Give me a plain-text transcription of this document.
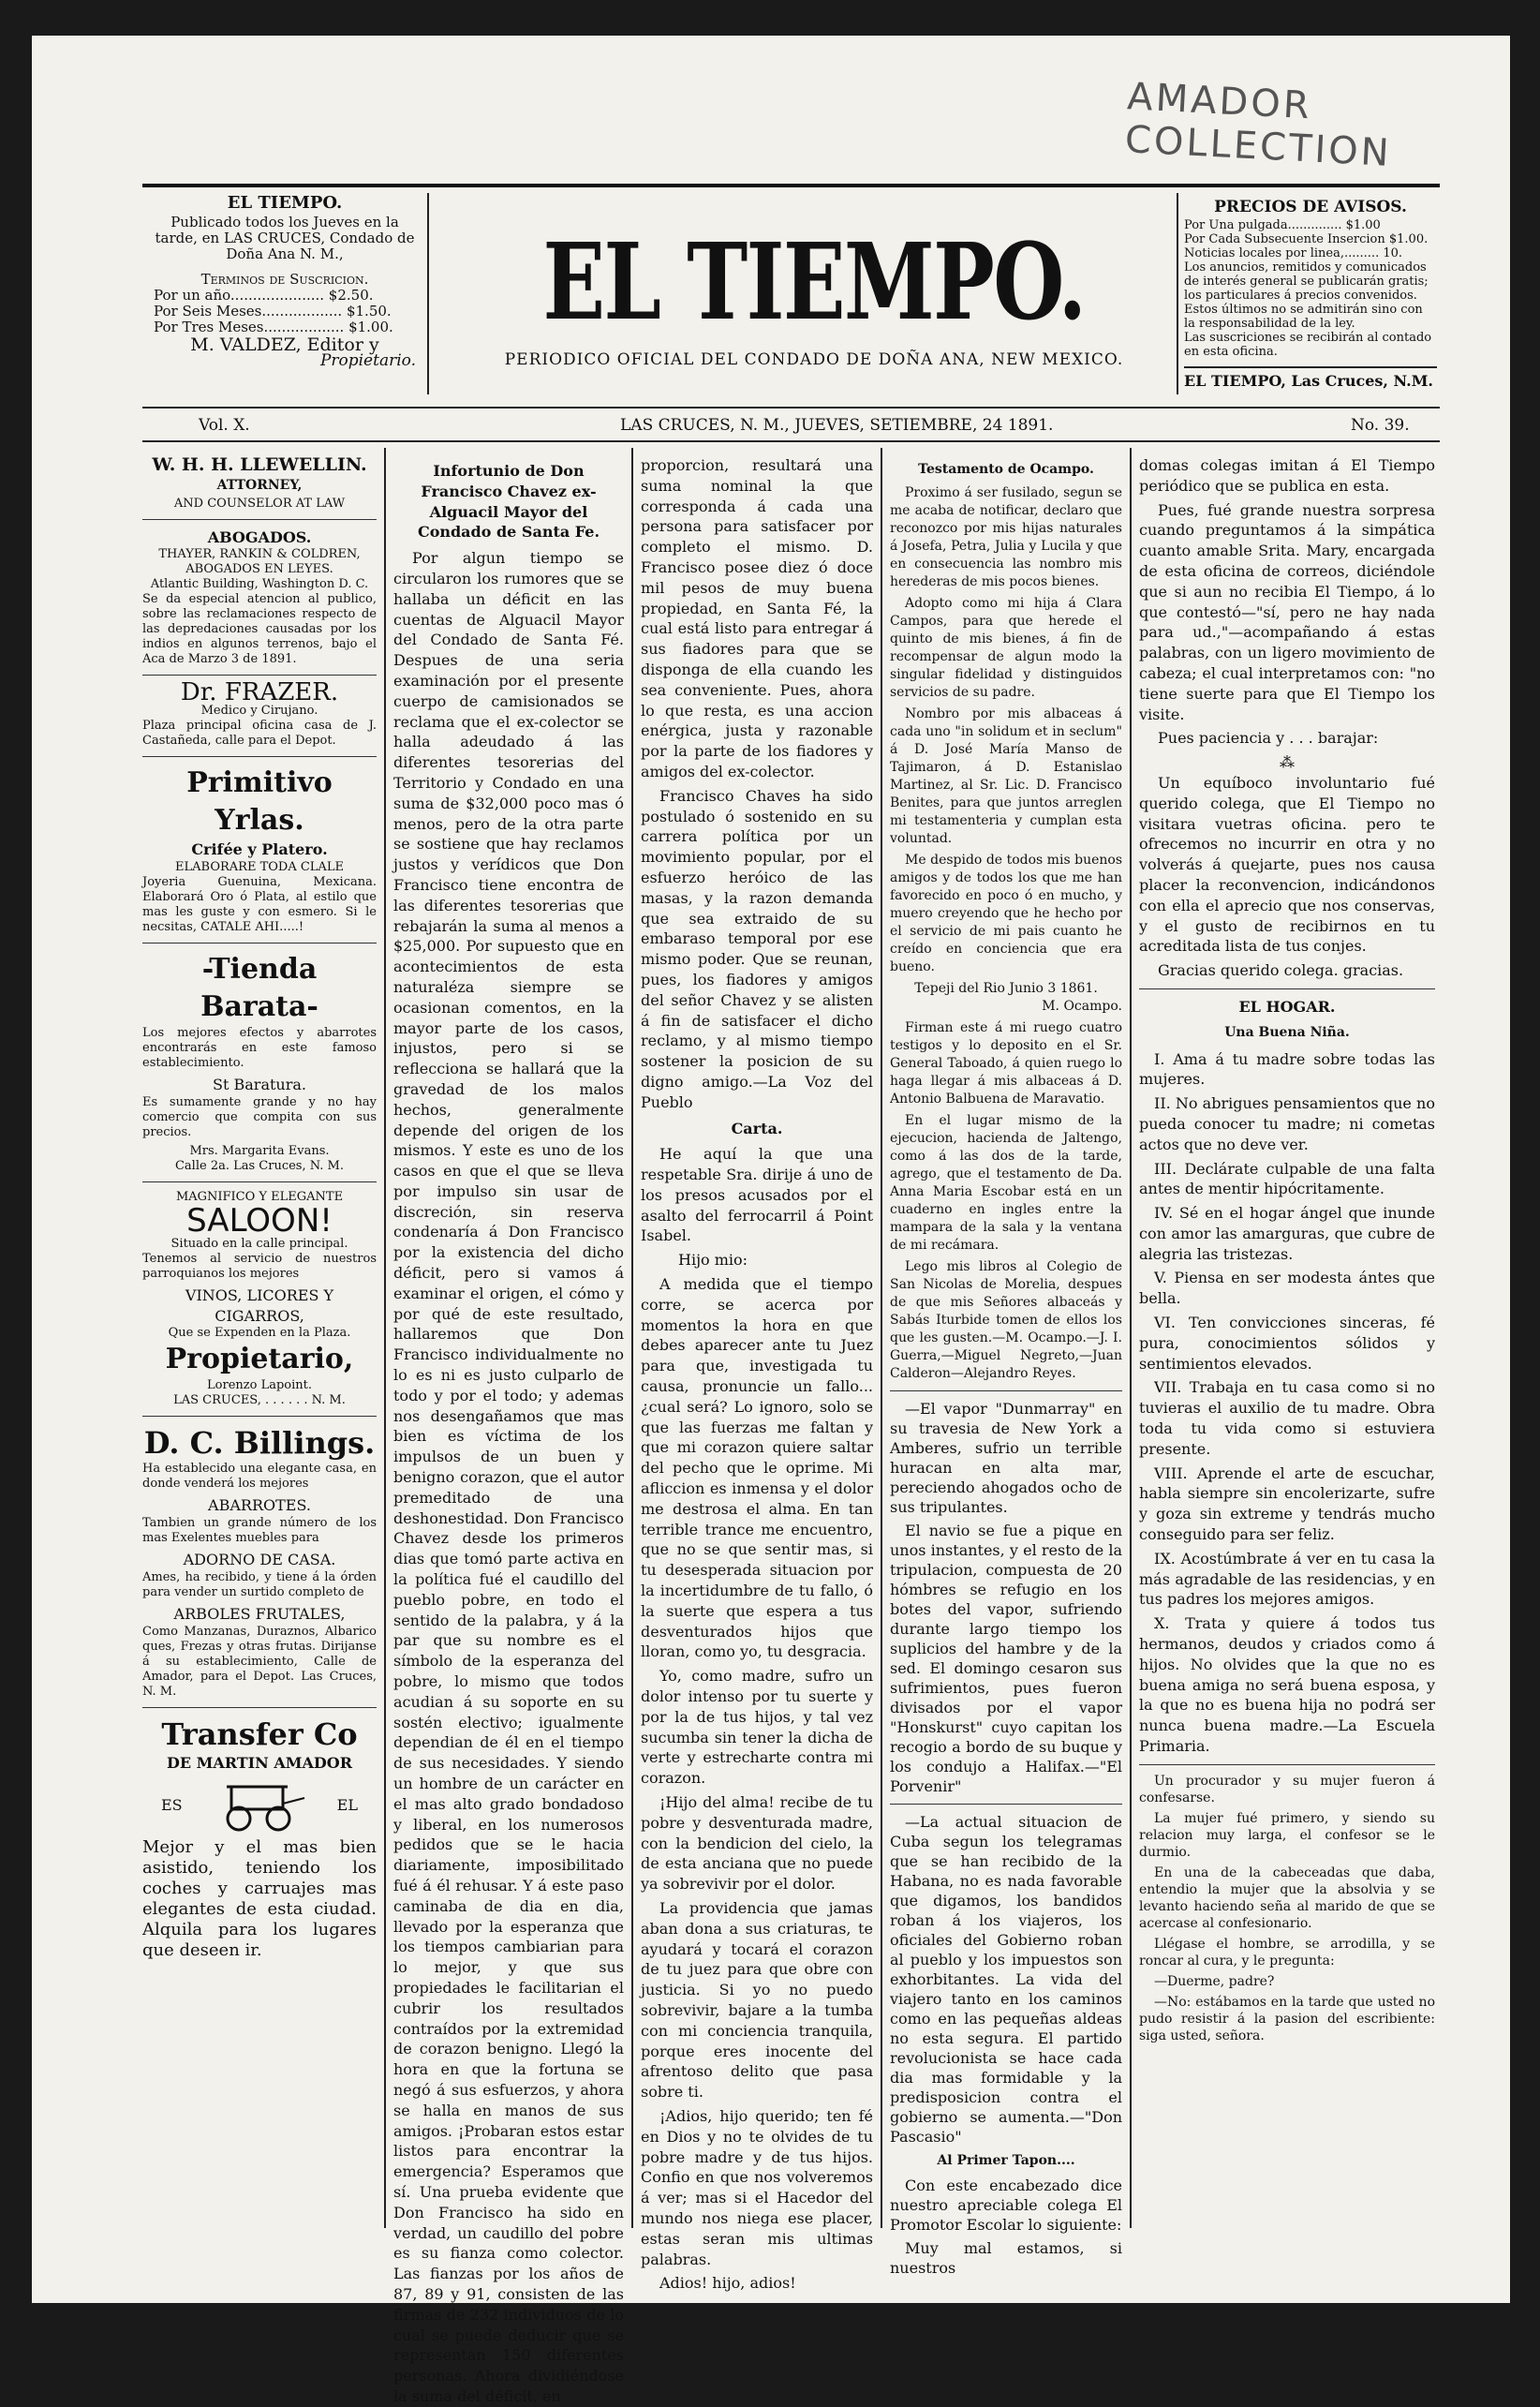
AMADOR COLLECTION
EL TIEMPO.
Publicado todos los Jueves en la tarde, en LAS CRUCES, Condado de Doña Ana N. M.,
Terminos de Suscricion.
Por un año..................... $2.50.
Por Seis Meses.................. $1.50.
Por Tres Meses.................. $1.00.
M. VALDEZ, Editor y
Propietario.
EL TIEMPO.
PERIODICO OFICIAL DEL CONDADO DE DOÑA ANA, NEW MEXICO.
PRECIOS DE AVISOS.
Por Una pulgada.............. $1.00
Por Cada Subsecuente Insercion $1.00.
Noticias locales por linea,......... 10.
Los anuncios, remitidos y comunicados de interés general se publicarán gratis; los particulares á precios convenidos. Estos últimos no se admitirán sino con la responsabilidad de la ley.
Las suscriciones se recibirán al contado en esta oficina.
EL TIEMPO, Las Cruces, N.M.
Vol. X.	LAS CRUCES, N. M., JUEVES, SETIEMBRE, 24 1891.	No. 39.
W. H. H. LLEWELLIN.
ATTORNEY,
AND COUNSELOR AT LAW
ABOGADOS.
THAYER, RANKIN & COLDREN, ABOGADOS EN LEYES.
Atlantic Building, Washington D. C.

Se da especial atencion al publico, sobre las reclamaciones respecto de las depredaciones causadas por los indios en algunos terrenos, bajo el Aca de Marzo 3 de 1891.

Dr. FRAZER.
Medico y Cirujano.

Plaza principal oficina casa de J. Castañeda, calle para el Depot.

Primitivo Yrlas.
Crifée y Platero.
ELABORARE TODA CLALE

Joyeria Guenuina, Mexicana. Elaborará Oro ó Plata, al estilo que mas les guste y con esmero. Si le necsitas, CATALE AHI.....!

-Tienda Barata-

Los mejores efectos y abarrotes encontrarás en este famoso establecimiento.

St Baratura.

Es sumamente grande y no hay comercio que compita con sus precios.

Mrs. Margarita Evans.
Calle 2a. Las Cruces, N. M.
MAGNIFICO Y ELEGANTE
SALOON!
Situado en la calle principal.

Tenemos al servicio de nuestros parroquianos los mejores

VINOS, LICORES Y CIGARROS,
Que se Expenden en la Plaza.
Propietario,
Lorenzo Lapoint.
LAS CRUCES, . . . . . . N. M.
D. C. Billings.

Ha establecido una elegante casa, en donde venderá los mejores

ABARROTES.

Tambien un grande número de los mas Exelentes muebles para

ADORNO DE CASA.

Ames, ha recibido, y tiene á la órden para vender un surtido completo de

ARBOLES FRUTALES,

Como Manzanas, Duraznos, Albarico ques, Frezas y otras frutas. Dirijanse á su establecimiento, Calle de Amador, para el Depot. Las Cruces, N. M.

Transfer Co
DE MARTIN AMADOR
ES	EL

Mejor y el mas bien asistido, teniendo los coches y carruajes mas elegantes de esta ciudad. Alquila para los lugares que deseen ir.

Infortunio de Don Francisco Chavez ex-Alguacil Mayor del Condado de Santa Fe.

Por algun tiempo se circularon los rumores que se hallaba un déficit en las cuentas de Alguacil Mayor del Condado de Santa Fé. Despues de una seria examinación por el presente cuerpo de camisionados se reclama que el ex-colector se halla adeudado á las diferentes tesorerias del Territorio y Condado en una suma de $32,000 poco mas ó menos, pero de la otra parte se sostiene que hay reclamos justos y verídicos que Don Francisco tiene encontra de las diferentes tesorerias que rebajarán la suma al menos a $25,000. Por supuesto que en acontecimientos de esta naturaléza siempre se ocasionan comentos, en la mayor parte de los casos, injustos, pero si se reflecciona se hallará que la gravedad de los malos hechos, generalmente depende del origen de los mismos. Y este es uno de los casos en que el que se lleva por impulso sin usar de discreción, sin reserva condenaría á Don Francisco por la existencia del dicho déficit, pero si vamos á examinar el origen, el cómo y por qué de este resultado, hallaremos que Don Francisco individualmente no lo es ni es justo culparlo de todo y por el todo; y ademas nos desengañamos que mas bien es víctima de los impulsos de un buen y benigno corazon, que el autor premeditado de una deshonestidad. Don Francisco Chavez desde los primeros dias que tomó parte activa en la política fué el caudillo del pueblo pobre, en todo el sentido de la palabra, y á la par que su nombre es el símbolo de la esperanza del pobre, lo mismo que todos acudian á su soporte en su sostén electivo; igualmente dependian de él en el tiempo de sus necesidades. Y siendo un hombre de un carácter en el mas alto grado bondadoso y liberal, en los numerosos pedidos que se le hacia diariamente, imposibilitado fué á él rehusar. Y á este paso caminaba de dia en dia, llevado por la esperanza que los tiempos cambiarian para lo mejor, y que sus propiedades le facilitarian el cubrir los resultados contraídos por la extremidad de corazon benigno. Llegó la hora en que la fortuna se negó á sus esfuerzos, y ahora se halla en manos de sus amigos. ¡Probaran estos estar listos para encontrar la emergencia? Esperamos que sí. Una prueba evidente que Don Francisco ha sido en verdad, un caudillo del pobre es su fianza como colector. Las fianzas por los años de 87, 89 y 91, consisten de las firmas de 232 individuos de lo cual se puede deducir que se representan 150 diferentes personas. Ahora dividiéndose la suma del déficit, en

proporcion, resultará una suma nominal la que corresponda á cada una persona para satisfacer por completo el mismo. D. Francisco posee diez ó doce mil pesos de muy buena propiedad, en Santa Fé, la cual está listo para entregar á sus fiadores para que se disponga de ella cuando les sea conveniente. Pues, ahora lo que resta, es una accion enérgica, justa y razonable por la parte de los fiadores y amigos del ex-colector.

Francisco Chaves ha sido postulado ó sostenido en su carrera política por un movimiento popular, por el esfuerzo heróico de las masas, y la razon demanda que sea extraido de su embaraso temporal por ese mismo poder. Que se reunan, pues, los fiadores y amigos del señor Chavez y se alisten á fin de satisfacer el dicho reclamo, y al mismo tiempo sostener la posicion de su digno amigo.—La Voz del Pueblo

Carta.

He aquí la que una respetable Sra. dirije á uno de los presos acusados por el asalto del ferrocarril á Point Isabel.

Hijo mio:

A medida que el tiempo corre, se acerca por momentos la hora en que debes aparecer ante tu Juez para que, investigada tu causa, pronuncie un fallo...¿cual será? Lo ignoro, solo se que las fuerzas me faltan y que mi corazon quiere saltar del pecho que le oprime. Mi afliccion es inmensa y el dolor me destrosa el alma. En tan terrible trance me encuentro, que no se que sentir mas, si tu desesperada situacion por la incertidumbre de tu fallo, ó la suerte que espera a tus desventurados hijos que lloran, como yo, tu desgracia.

Yo, como madre, sufro un dolor intenso por tu suerte y por la de tus hijos, y tal vez sucumba sin tener la dicha de verte y estrecharte contra mi corazon.

¡Hijo del alma! recibe de tu pobre y desventurada madre, con la bendicion del cielo, la de esta anciana que no puede ya sobrevivir por el dolor.

La providencia que jamas aban dona a sus criaturas, te ayudará y tocará el corazon de tu juez para que obre con justicia. Si yo no puedo sobrevivir, bajare a la tumba con mi conciencia tranquila, porque eres inocente del afrentoso delito que pasa sobre ti.

¡Adios, hijo querido; ten fé en Dios y no te olvides de tu pobre madre y de tus hijos. Confio en que nos volveremos á ver; mas si el Hacedor del mundo nos niega ese placer, estas seran mis ultimas palabras.

Adios! hijo, adios!

Testamento de Ocampo.

Proximo á ser fusilado, segun se me acaba de notificar, declaro que reconozco por mis hijas naturales á Josefa, Petra, Julia y Lucila y que en consecuencia las nombro mis herederas de mis pocos bienes.

Adopto como mi hija á Clara Campos, para que herede el quinto de mis bienes, á fin de recompensar de algun modo la singular fidelidad y distinguidos servicios de su padre.

Nombro por mis albaceas á cada uno "in solidum et in seclum" á D. José María Manso de Tajimaron, á D. Estanislao Martinez, al Sr. Lic. D. Francisco Benites, para que juntos arreglen mi testamenteria y cumplan esta voluntad.

Me despido de todos mis buenos amigos y de todos los que me han favorecido en poco ó en mucho, y muero creyendo que he hecho por el servicio de mi pais cuanto he creído en conciencia que era bueno.

Tepeji del Rio Junio 3 1861.
M. Ocampo.

Firman este á mi ruego cuatro testigos y lo deposito en el Sr. General Taboado, á quien ruego lo haga llegar á mis albaceas á D. Antonio Balbuena de Maravatio.

En el lugar mismo de la ejecucion, hacienda de Jaltengo, como á las dos de la tarde, agrego, que el testamento de Da. Anna Maria Escobar está en un cuaderno en ingles entre la mampara de la sala y la ventana de mi recámara.

Lego mis libros al Colegio de San Nicolas de Morelia, despues de que mis Señores albaceás y Sabás Iturbide tomen de ellos los que les gusten.—M. Ocampo.—J. I. Guerra,—Miguel Negreto,—Juan Calderon—Alejandro Reyes.

—El vapor "Dunmarray" en su travesia de New York a Amberes, sufrio un terrible huracan en alta mar, pereciendo ahogados ocho de sus tripulantes.

El navio se fue a pique en unos instantes, y el resto de la tripulacion, compuesta de 20 hómbres se refugio en los botes del vapor, sufriendo durante largo tiempo los suplicios del hambre y de la sed. El domingo cesaron sus sufrimientos, pues fueron divisados por el vapor "Honskurst" cuyo capitan los recogio a bordo de su buque y los condujo a Halifax.—"El Porvenir"

—La actual situacion de Cuba segun los telegramas que se han recibido de la Habana, no es nada favorable que digamos, los bandidos roban á los viajeros, los oficiales del Gobierno roban al pueblo y los impuestos son exhorbitantes. La vida del viajero tanto en los caminos como en las pequeñas aldeas no esta segura. El partido revolucionista se hace cada dia mas formidable y la predisposicion contra el gobierno se aumenta.—"Don Pascasio"

Al Primer Tapon....

Con este encabezado dice nuestro apreciable colega El Promotor Escolar lo siguiente:

Muy mal estamos, si nuestros

domas colegas imitan á El Tiempo periódico que se publica en esta.

Pues, fué grande nuestra sorpresa cuando preguntamos á la simpática cuanto amable Srita. Mary, encargada de esta oficina de correos, diciéndole que si aun no recibia El Tiempo, á lo que contestó—"sí, pero ne hay nada para ud.,"—acompañando á estas palabras, con un ligero movimiento de cabeza; el cual interpretamos con: "no tiene suerte para que El Tiempo los visite.

Pues paciencia y . . . barajar:

⁂

Un equíboco involuntario fué querido colega, que El Tiempo no visitara vuetras oficina. pero te ofrecemos no incurrir en otra y no volverás á quejarte, pues nos causa placer la reconvencion, indicándonos con ella el aprecio que nos conservas, y el gusto de recibirnos en tu acreditada lista de tus conjes.

Gracias querido colega. gracias.

EL HOGAR.
Una Buena Niña.

I. Ama á tu madre sobre todas las mujeres.

II. No abrigues pensamientos que no pueda conocer tu madre; ni cometas actos que no deve ver.

III. Declárate culpable de una falta antes de mentir hipócritamente.

IV. Sé en el hogar ángel que inunde con amor las amarguras, que cubre de alegria las tristezas.

V. Piensa en ser modesta ántes que bella.

VI. Ten convicciones sinceras, fé pura, conocimientos sólidos y sentimientos elevados.

VII. Trabaja en tu casa como si no tuvieras el auxilio de tu madre. Obra toda tu vida como si estuviera presente.

VIII. Aprende el arte de escuchar, habla siempre sin encolerizarte, sufre y goza sin extreme y tendrás mucho conseguido para ser feliz.

IX. Acostúmbrate á ver en tu casa la más agradable de las residencias, y en tus padres los mejores amigos.

X. Trata y quiere á todos tus hermanos, deudos y criados como á hijos. No olvides que la que no es buena amiga no será buena esposa, y la que no es buena hija no podrá ser nunca buena madre.—La Escuela Primaria.

Un procurador y su mujer fueron á confesarse.

La mujer fué primero, y siendo su relacion muy larga, el confesor se le durmio.

En una de la cabeceadas que daba, entendio la mujer que la absolvia y se levanto haciendo seña al marido de que se acercase al confesionario.

Llégase el hombre, se arrodilla, y se roncar al cura, y le pregunta:

—Duerme, padre?

—No: estábamos en la tarde que usted no pudo resistir á la pasion del escribiente: siga usted, señora.
